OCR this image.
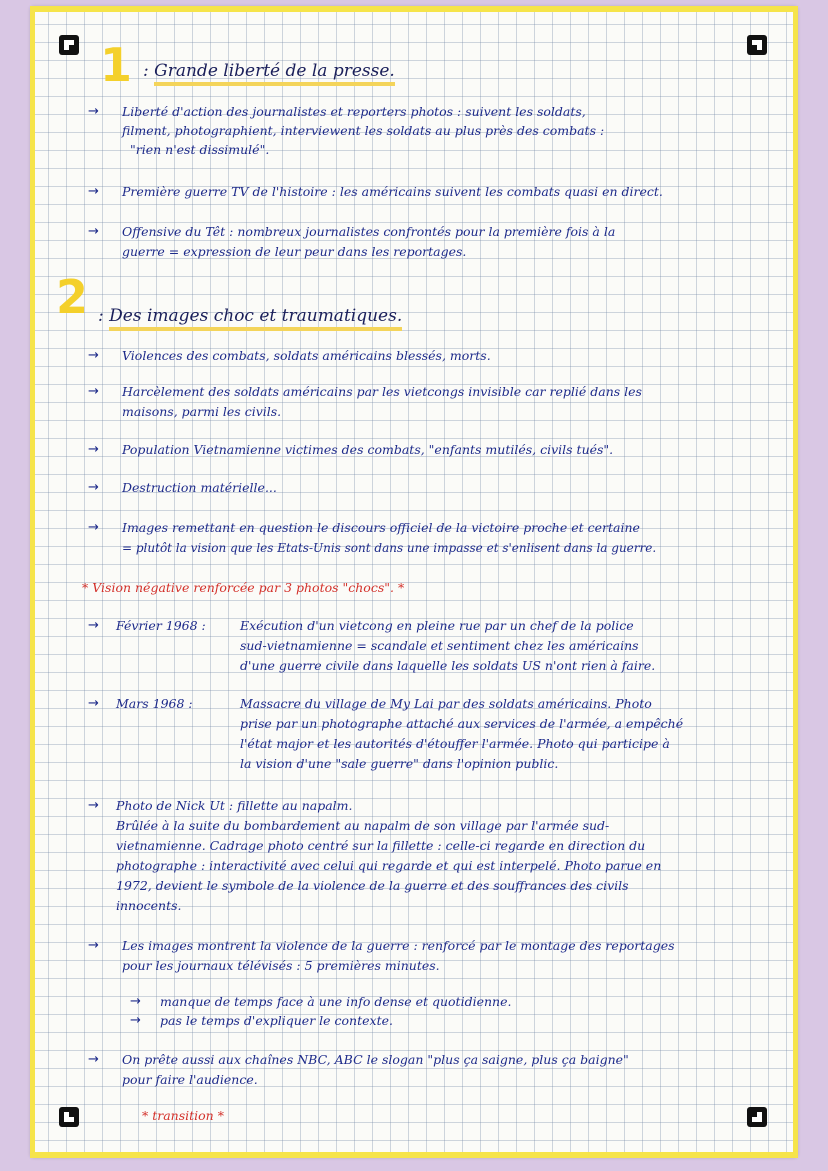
1 : Grande liberté de la presse.
→ Liberté d'action des journalistes et reporters photos : suivent les soldats,
filment, photographient, interviewent les soldats au plus près des combats :
"rien n'est dissimulé".
→ Première guerre TV de l'histoire : les américains suivent les combats quasi en direct.
→ Offensive du Têt : nombreux journalistes confrontés pour la première fois à la
guerre = expression de leur peur dans les reportages.
2 : Des images choc et traumatiques.
→ Violences des combats, soldats américains blessés, morts.
→ Harcèlement des soldats américains par les vietcongs invisible car replié dans les
maisons, parmi les civils.
→ Population Vietnamienne victimes des combats, "enfants mutilés, civils tués".
→ Destruction matérielle...
→ Images remettant en question le discours officiel de la victoire proche et certaine
= plutôt la vision que les Etats-Unis sont dans une impasse et s'enlisent dans la guerre.
* Vision négative renforcée par 3 photos "chocs". *
→ Février 1968 :	Exécution d'un vietcong en pleine rue par un chef de la police
sud-vietnamienne = scandale et sentiment chez les américains
d'une guerre civile dans laquelle les soldats US n'ont rien à faire.
→ Mars 1968 :	Massacre du village de My Lai par des soldats américains. Photo
prise par un photographe attaché aux services de l'armée, a empêché
l'état major et les autorités d'étouffer l'armée. Photo qui participe à
la vision d'une "sale guerre" dans l'opinion public.
→ Photo de Nick Ut : fillette au napalm.
Brûlée à la suite du bombardement au napalm de son village par l'armée sud-
vietnamienne. Cadrage photo centré sur la fillette : celle-ci regarde en direction du
photographe : interactivité avec celui qui regarde et qui est interpelé. Photo parue en
1972, devient le symbole de la violence de la guerre et des souffrances des civils
innocents.
→ Les images montrent la violence de la guerre : renforcé par le montage des reportages
pour les journaux télévisés : 5 premières minutes.
→ manque de temps face à une info dense et quotidienne.
→ pas le temps d'expliquer le contexte.
→ On prête aussi aux chaînes NBC, ABC le slogan "plus ça saigne, plus ça baigne"
pour faire l'audience.
* transition *
